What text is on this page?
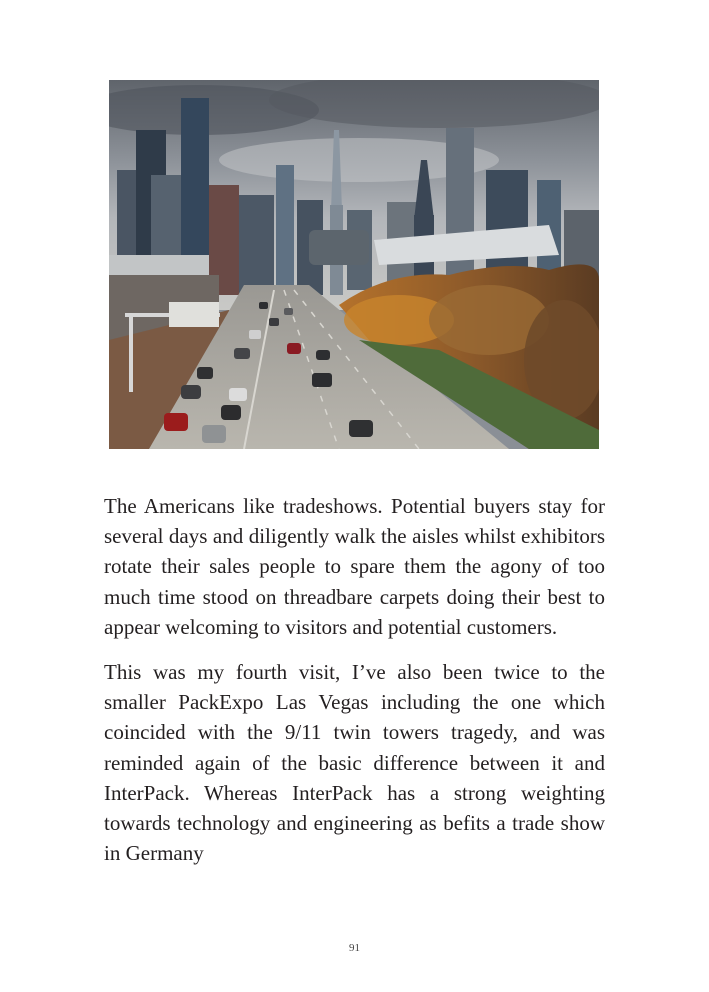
The Americans like tradeshows. Potential buyers stay for several days and diligently walk the aisles whilst exhibitors rotate their sales people to spare them the agony of too much time stood on threadbare carpets doing their best to appear welcoming to visitors and potential customers.

This was my fourth visit, I’ve also been twice to the smaller PackExpo Las Vegas including the one which coincided with the 9/11 twin towers tragedy, and was reminded again of the basic difference between it and InterPack. Whereas InterPack has a strong weighting towards technology and engineering as befits a trade show in Germany

91
